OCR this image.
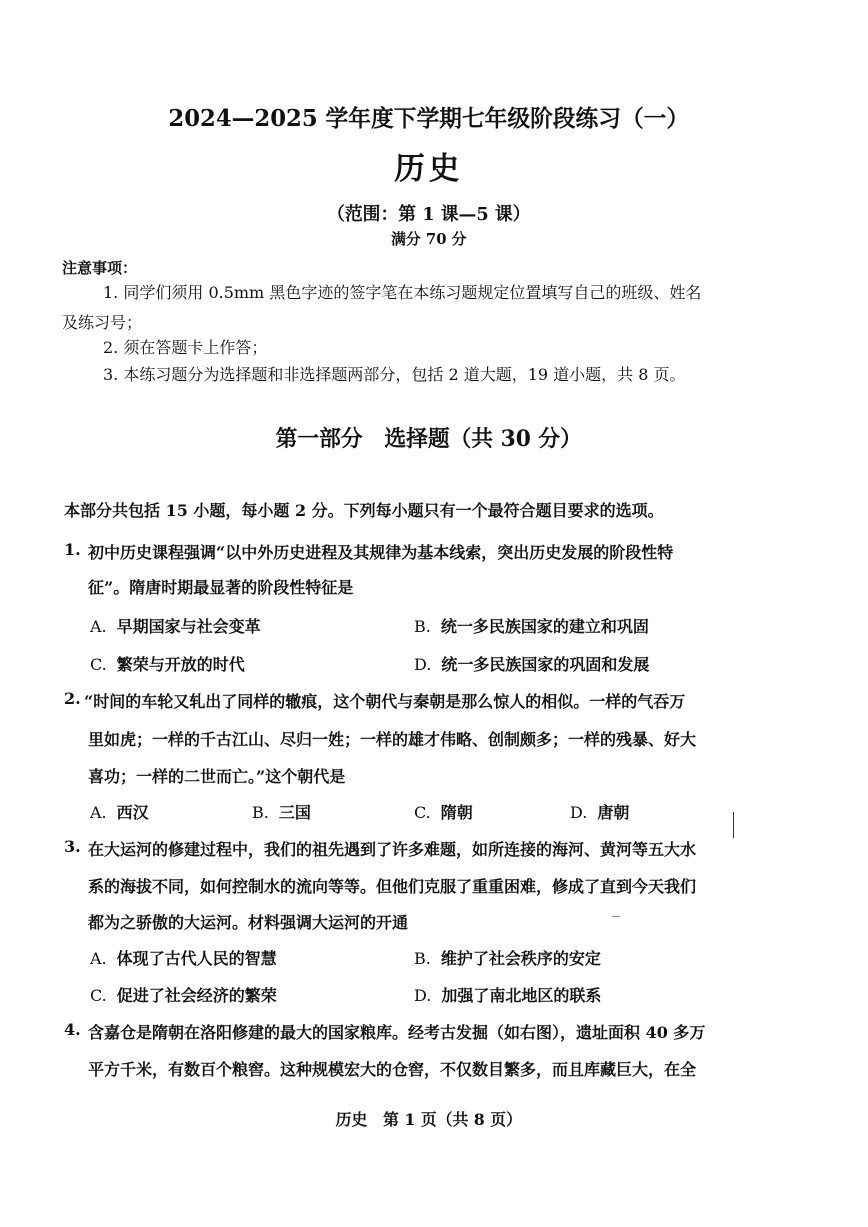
2024—2025 学年度下学期七年级阶段练习（一）
历史
（范围：第 1 课—5 课）
满分 70 分
注意事项：
1. 同学们须用 0.5mm 黑色字迹的签字笔在本练习题规定位置填写自己的班级、姓名
及练习号；
2. 须在答题卡上作答；
3. 本练习题分为选择题和非选择题两部分，包括 2 道大题，19 道小题，共 8 页。
第一部分　选择题（共 30 分）
本部分共包括 15 小题，每小题 2 分。下列每小题只有一个最符合题目要求的选项。
1. 初中历史课程强调“以中外历史进程及其规律为基本线索，突出历史发展的阶段性特
征”。隋唐时期最显著的阶段性特征是
A. 早期国家与社会变革	B. 统一多民族国家的建立和巩固
C. 繁荣与开放的时代	D. 统一多民族国家的巩固和发展
2. “时间的车轮又轧出了同样的辙痕，这个朝代与秦朝是那么惊人的相似。一样的气吞万
里如虎；一样的千古江山、尽归一姓；一样的雄才伟略、创制颇多；一样的残暴、好大
喜功；一样的二世而亡。”这个朝代是
A. 西汉	B. 三国	C. 隋朝	D. 唐朝
3. 在大运河的修建过程中，我们的祖先遇到了许多难题，如所连接的海河、黄河等五大水
系的海拔不同，如何控制水的流向等等。但他们克服了重重困难，修成了直到今天我们
都为之骄傲的大运河。材料强调大运河的开通
A. 体现了古代人民的智慧	B. 维护了社会秩序的安定
C. 促进了社会经济的繁荣	D. 加强了南北地区的联系
4. 含嘉仓是隋朝在洛阳修建的最大的国家粮库。经考古发掘（如右图），遗址面积 40 多万
平方千米，有数百个粮窖。这种规模宏大的仓窖，不仅数目繁多，而且库藏巨大，在全
历史　第 1 页（共 8 页）
